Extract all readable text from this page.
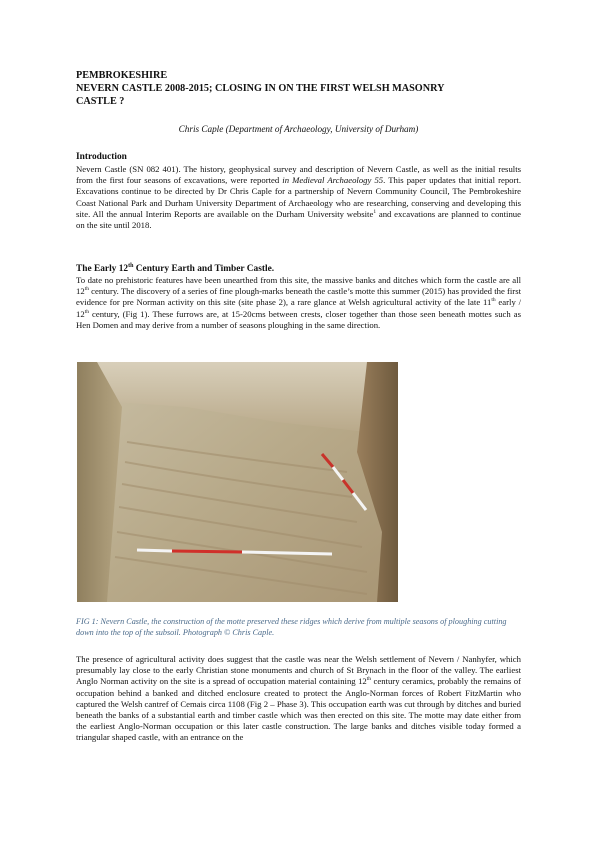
PEMBROKESHIRE
NEVERN CASTLE 2008-2015; CLOSING IN ON THE FIRST WELSH MASONRY
CASTLE ?
Chris Caple (Department of Archaeology, University of Durham)
Introduction
Nevern Castle (SN 082 401). The history, geophysical survey and description of Nevern Castle, as well as the initial results from the first four seasons of excavations, were reported in Medieval Archaeology 55. This paper updates that initial report. Excavations continue to be directed by Dr Chris Caple for a partnership of Nevern Community Council, The Pembrokeshire Coast National Park and Durham University Department of Archaeology who are researching, conserving and developing this site. All the annual Interim Reports are available on the Durham University website$^1$ and excavations are planned to continue on the site until 2018.
The Early 12th Century Earth and Timber Castle.
To date no prehistoric features have been unearthed from this site, the massive banks and ditches which form the castle are all 12th century. The discovery of a series of fine plough-marks beneath the castle’s motte this summer (2015) has provided the first evidence for pre Norman activity on this site (site phase 2), a rare glance at Welsh agricultural activity of the late 11th early / 12th century, (Fig 1). These furrows are, at 15-20cms between crests, closer together than those seen beneath mottes such as Hen Domen and may derive from a number of seasons ploughing in the same direction.
FIG 1: Nevern Castle, the construction of the motte preserved these ridges which derive from multiple seasons of ploughing cutting down into the top of the subsoil. Photograph © Chris Caple.
The presence of agricultural activity does suggest that the castle was near the Welsh settlement of Nevern / Nanhyfer, which presumably lay close to the early Christian stone monuments and church of St Brynach in the floor of the valley. The earliest Anglo Norman activity on the site is a spread of occupation material containing 12th century ceramics, probably the remains of occupation behind a banked and ditched enclosure created to protect the Anglo-Norman forces of Robert FitzMartin who captured the Welsh cantref of Cemais circa 1108 (Fig 2 – Phase 3). This occupation earth was cut through by ditches and buried beneath the banks of a substantial earth and timber castle which was then erected on this site. The motte may date either from the earliest Anglo-Norman occupation or this later castle construction. The large banks and ditches visible today formed a triangular shaped castle, with an entrance on the
